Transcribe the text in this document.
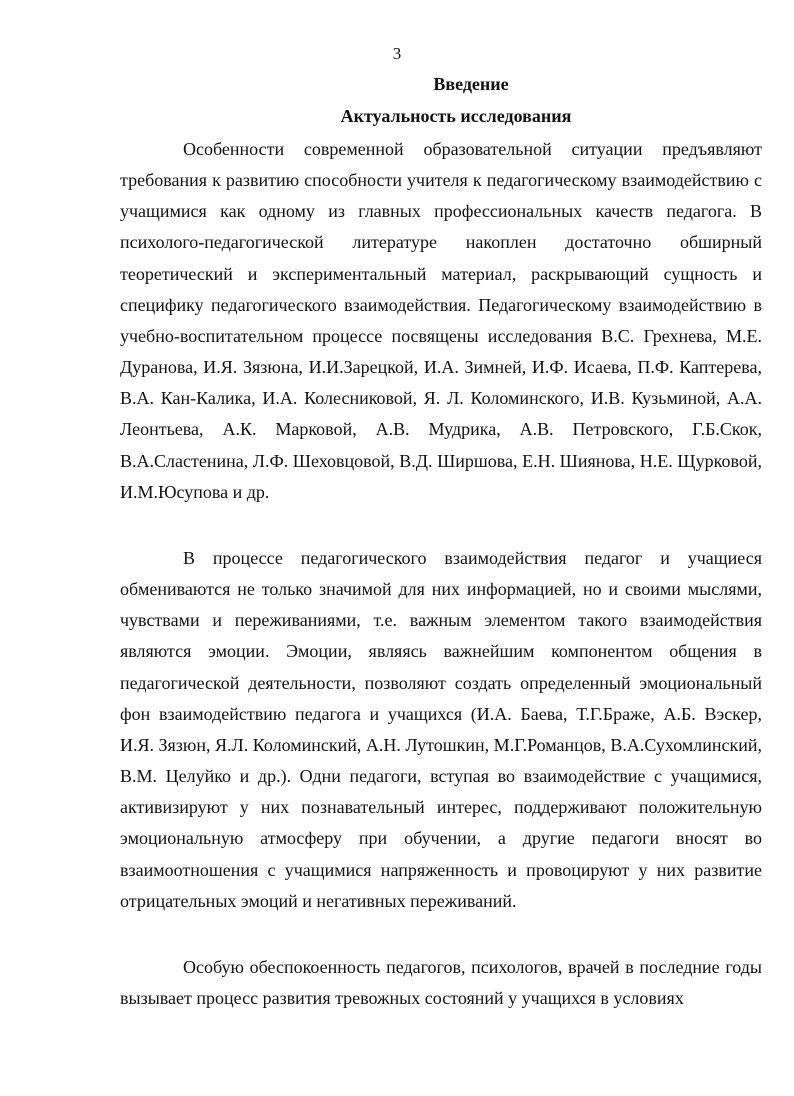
3
Введение
Актуальность исследования

Особенности современной образовательной ситуации предъявляют требования к развитию способности учителя к педагогическому взаимодействию с учащимися как одному из главных профессиональных качеств педагога. В психолого-педагогической литературе накоплен достаточно обширный теоретический и экспериментальный материал, раскрывающий сущность и специфику педагогического взаимодействия. Педагогическому взаимодействию в учебно-воспитательном процессе посвящены исследования В.С. Грехнева, М.Е. Дуранова, И.Я. Зязюна, И.И.Зарецкой, И.А. Зимней, И.Ф. Исаева, П.Ф. Каптерева, В.А. Кан-Калика, И.А. Колесниковой, Я. Л. Коломинского, И.В. Кузьминой, А.А. Леонтьева, А.К. Марковой, А.В. Мудрика, А.В. Петровского, Г.Б.Скок, В.А.Сластенина, Л.Ф. Шеховцовой, В.Д. Ширшова, Е.Н. Шиянова, Н.Е. Щурковой, И.М.Юсупова и др.

В процессе педагогического взаимодействия педагог и учащиеся обмениваются не только значимой для них информацией, но и своими мыслями, чувствами и переживаниями, т.е. важным элементом такого взаимодействия являются эмоции. Эмоции, являясь важнейшим компонентом общения в педагогической деятельности, позволяют создать определенный эмоциональный фон взаимодействию педагога и учащихся (И.А. Баева, Т.Г.Браже, А.Б. Вэскер, И.Я. Зязюн, Я.Л. Коломинский, А.Н. Лутошкин, М.Г.Романцов, В.А.Сухомлинский, В.М. Целуйко и др.). Одни педагоги, вступая во взаимодействие с учащимися, активизируют у них познавательный интерес, поддерживают положительную эмоциональную атмосферу при обучении, а другие педагоги вносят во взаимоотношения с учащимися напряженность и провоцируют у них развитие отрицательных эмоций и негативных переживаний.

Особую обеспокоенность педагогов, психологов, врачей в последние годы вызывает процесс развития тревожных состояний у учащихся в условиях
